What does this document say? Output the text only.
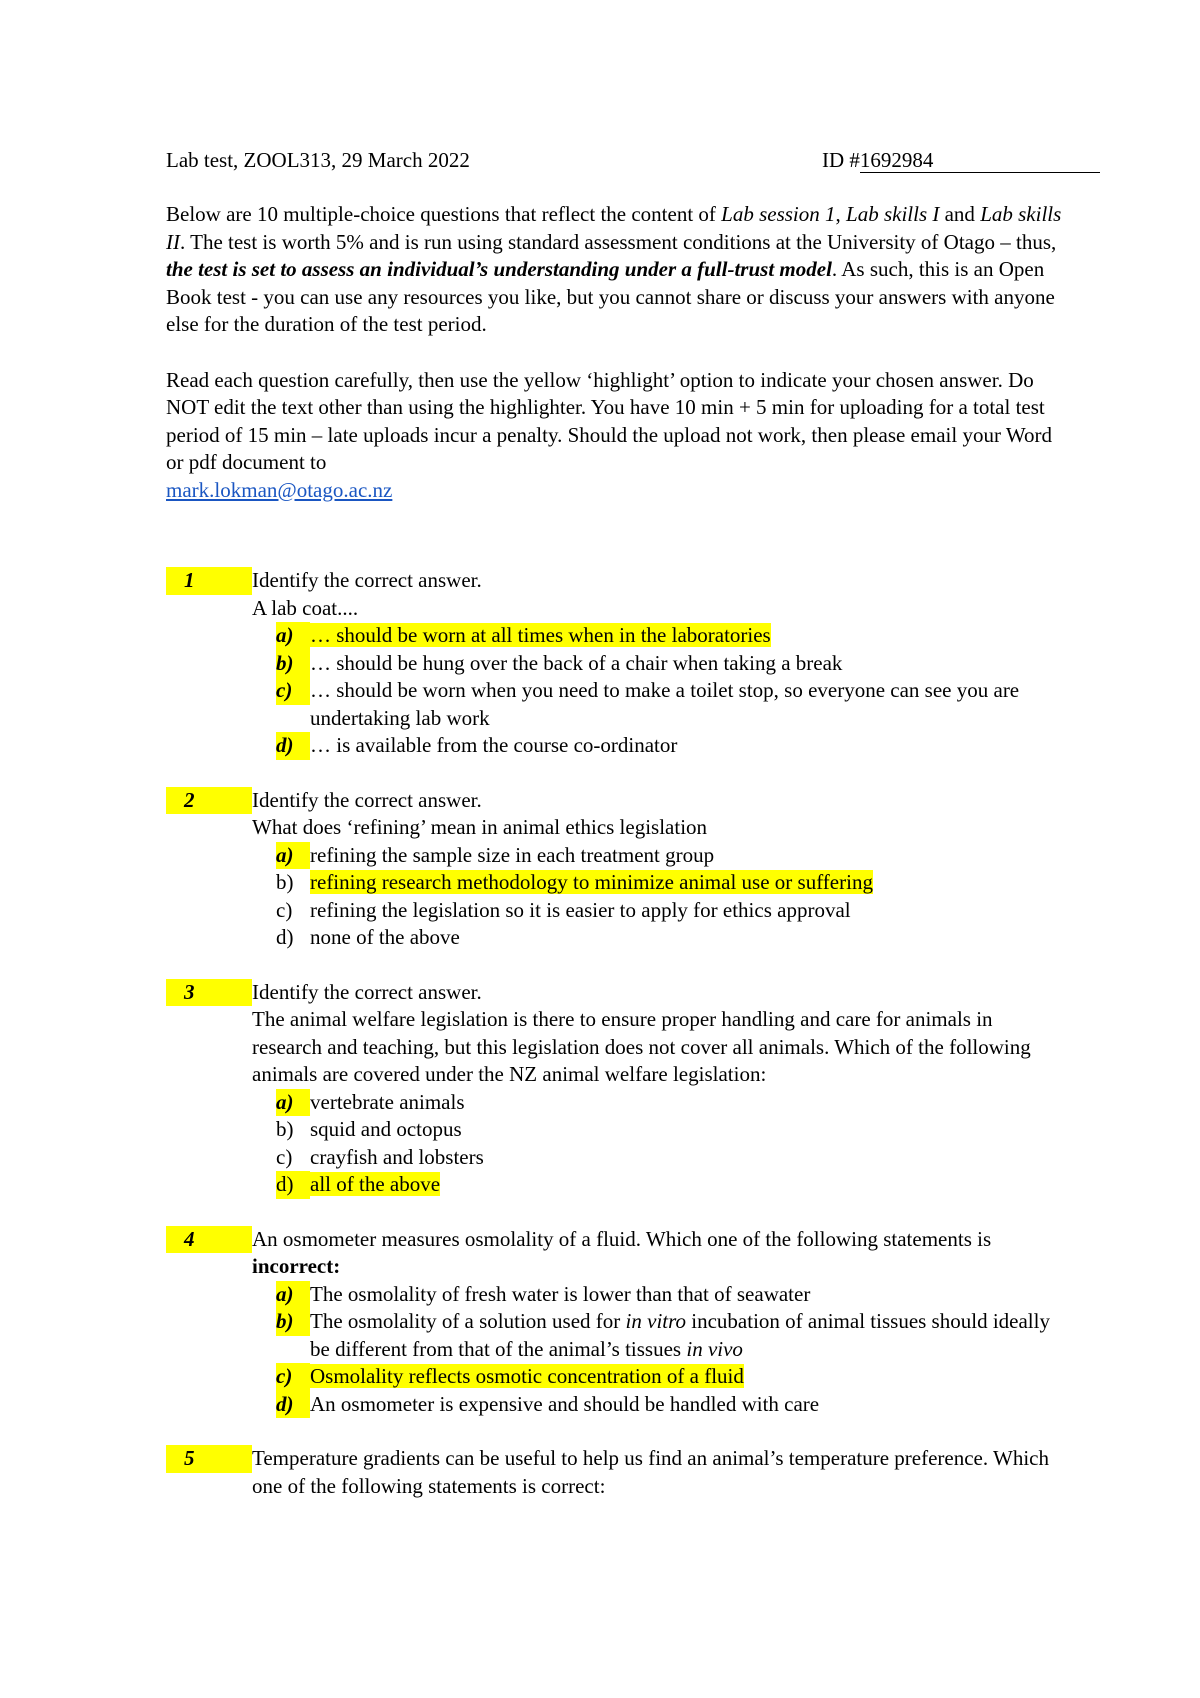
Lab test, ZOOL313, 29 March 2022	ID #1692984

Below are 10 multiple-choice questions that reflect the content of Lab session 1, Lab skills I and Lab skills II. The test is worth 5% and is run using standard assessment conditions at the University of Otago – thus, the test is set to assess an individual’s understanding under a full-trust model. As such, this is an Open Book test - you can use any resources you like, but you cannot share or discuss your answers with anyone else for the duration of the test period.

Read each question carefully, then use the yellow ‘highlight’ option to indicate your chosen answer. Do NOT edit the text other than using the highlighter. You have 10 min + 5 min for uploading for a total test period of 15 min – late uploads incur a penalty. Should the upload not work, then please email your Word or pdf document to
mark.lokman@otago.ac.nz

1	Identify the correct answer.
A lab coat....
a) … should be worn at all times when in the laboratories
b) … should be hung over the back of a chair when taking a break
c) … should be worn when you need to make a toilet stop, so everyone can see you are undertaking lab work
d) … is available from the course co-ordinator
2	Identify the correct answer.
What does ‘refining’ mean in animal ethics legislation
a) refining the sample size in each treatment group
b) refining research methodology to minimize animal use or suffering
c) refining the legislation so it is easier to apply for ethics approval
d) none of the above
3	Identify the correct answer.
The animal welfare legislation is there to ensure proper handling and care for animals in research and teaching, but this legislation does not cover all animals. Which of the following animals are covered under the NZ animal welfare legislation:
a) vertebrate animals
b) squid and octopus
c) crayfish and lobsters
d) all of the above
4	An osmometer measures osmolality of a fluid. Which one of the following statements is incorrect:
a) The osmolality of fresh water is lower than that of seawater
b) The osmolality of a solution used for in vitro incubation of animal tissues should ideally be different from that of the animal’s tissues in vivo
c) Osmolality reflects osmotic concentration of a fluid
d) An osmometer is expensive and should be handled with care
5	Temperature gradients can be useful to help us find an animal’s temperature preference. Which one of the following statements is correct:
